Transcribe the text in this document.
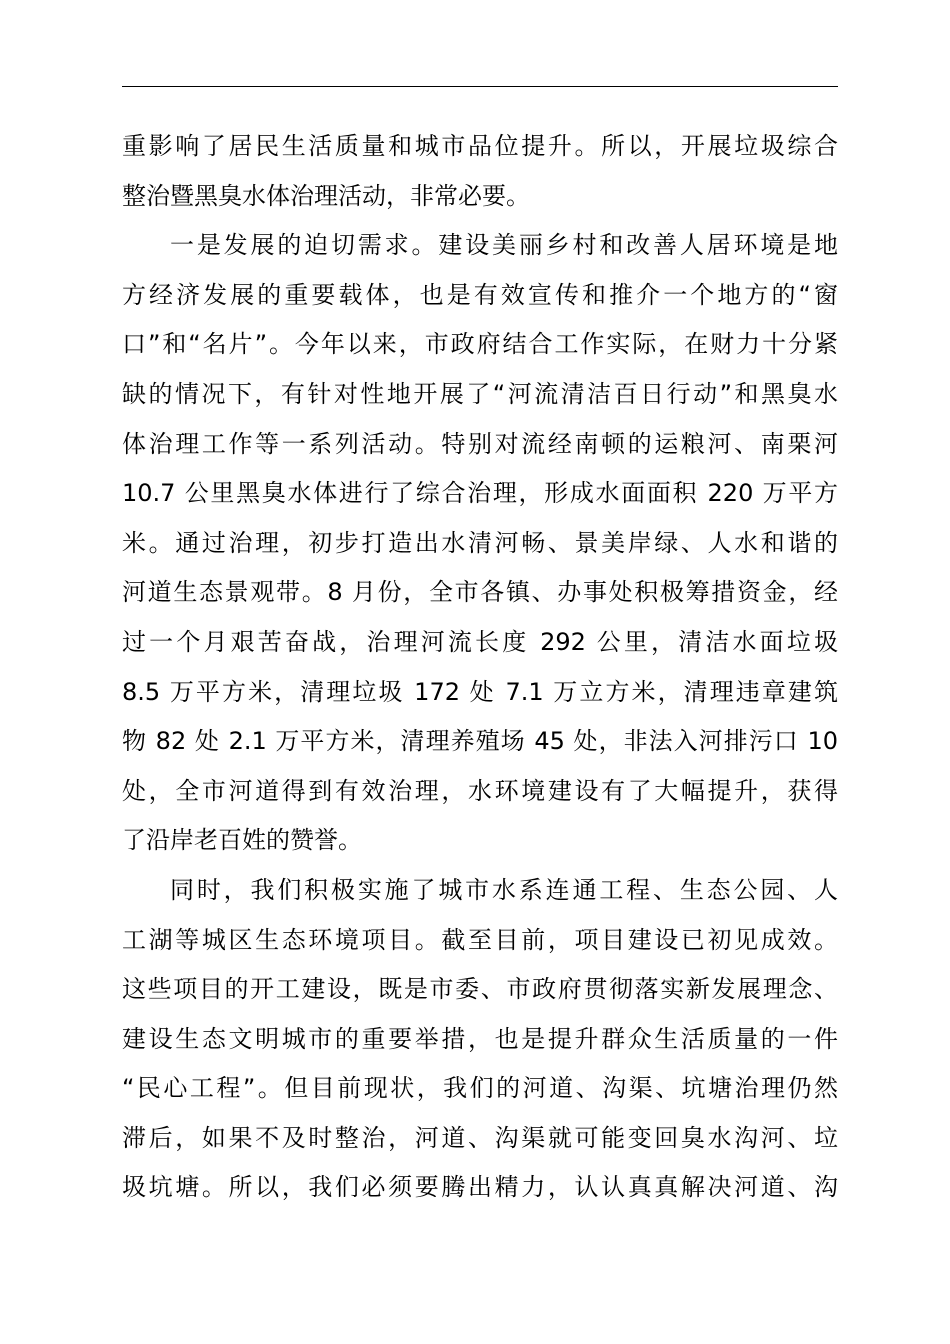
重影响了居民生活质量和城市品位提升。所以，开展垃圾综合
整治暨黑臭水体治理活动，非常必要。
一是发展的迫切需求。建设美丽乡村和改善人居环境是地
方经济发展的重要载体，也是有效宣传和推介一个地方的“窗
口”和“名片”。今年以来，市政府结合工作实际，在财力十分紧
缺的情况下，有针对性地开展了“河流清洁百日行动”和黑臭水
体治理工作等一系列活动。特别对流经南顿的运粮河、南栗河
10.7 公里黑臭水体进行了综合治理，形成水面面积 220 万平方
米。通过治理，初步打造出水清河畅、景美岸绿、人水和谐的
河道生态景观带。8 月份，全市各镇、办事处积极筹措资金，经
过一个月艰苦奋战，治理河流长度 292 公里，清洁水面垃圾
8.5 万平方米，清理垃圾 172 处 7.1 万立方米，清理违章建筑
物 82 处 2.1 万平方米，清理养殖场 45 处，非法入河排污口 10
处，全市河道得到有效治理，水环境建设有了大幅提升，获得
了沿岸老百姓的赞誉。
同时，我们积极实施了城市水系连通工程、生态公园、人
工湖等城区生态环境项目。截至目前，项目建设已初见成效。
这些项目的开工建设，既是市委、市政府贯彻落实新发展理念、
建设生态文明城市的重要举措，也是提升群众生活质量的一件
“民心工程”。但目前现状，我们的河道、沟渠、坑塘治理仍然
滞后，如果不及时整治，河道、沟渠就可能变回臭水沟河、垃
圾坑塘。所以，我们必须要腾出精力，认认真真解决河道、沟
